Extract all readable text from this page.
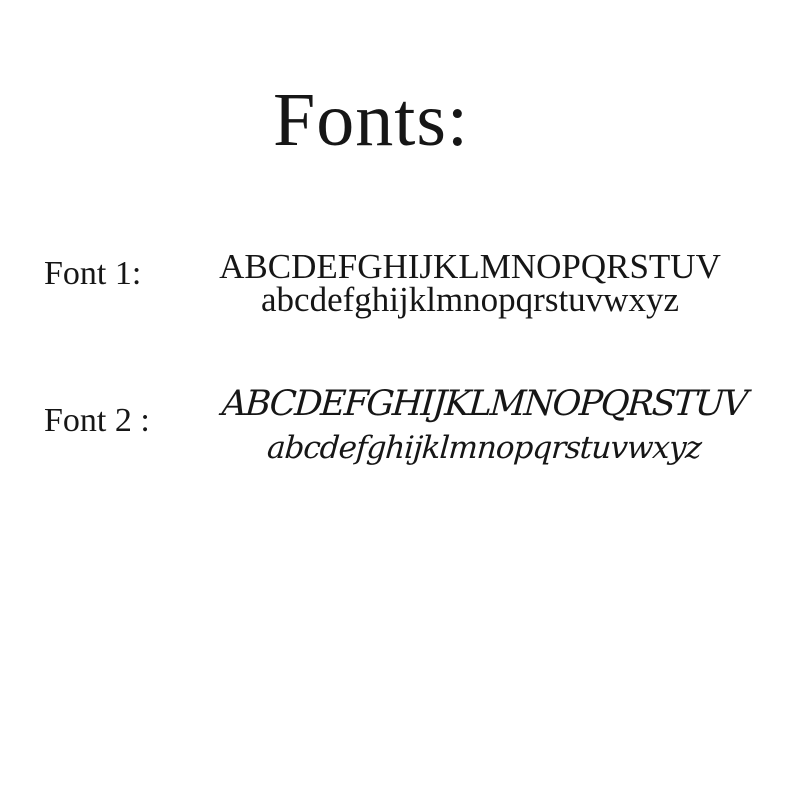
Fonts:
Font 1:	ABCDEFGHIJKLMNOPQRSTUV
abcdefghijklmnopqrstuvwxyz
Font 2 : ABCDEFGHIJKLMNOPQRSTUV
abcdefghijklmnopqrstuvwxyz
